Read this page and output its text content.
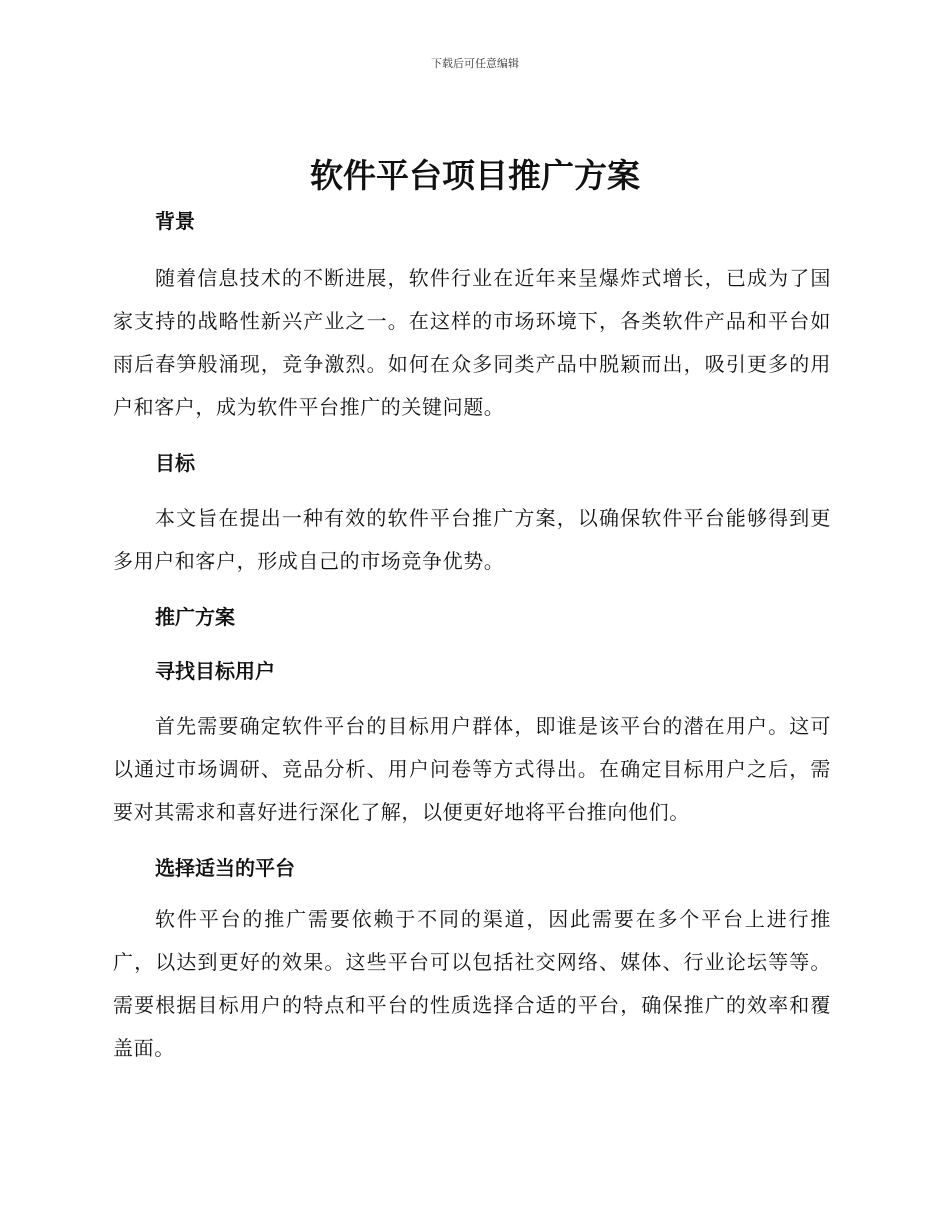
下载后可任意编辑
软件平台项目推广方案
背景

随着信息技术的不断进展，软件行业在近年来呈爆炸式增长，已成为了国家支持的战略性新兴产业之一。在这样的市场环境下，各类软件产品和平台如雨后春笋般涌现，竞争激烈。如何在众多同类产品中脱颖而出，吸引更多的用户和客户，成为软件平台推广的关键问题。

目标

本文旨在提出一种有效的软件平台推广方案，以确保软件平台能够得到更多用户和客户，形成自己的市场竞争优势。

推广方案
寻找目标用户

首先需要确定软件平台的目标用户群体，即谁是该平台的潜在用户。这可以通过市场调研、竞品分析、用户问卷等方式得出。在确定目标用户之后，需要对其需求和喜好进行深化了解，以便更好地将平台推向他们。

选择适当的平台

软件平台的推广需要依赖于不同的渠道，因此需要在多个平台上进行推广，以达到更好的效果。这些平台可以包括社交网络、媒体、行业论坛等等。需要根据目标用户的特点和平台的性质选择合适的平台，确保推广的效率和覆盖面。
